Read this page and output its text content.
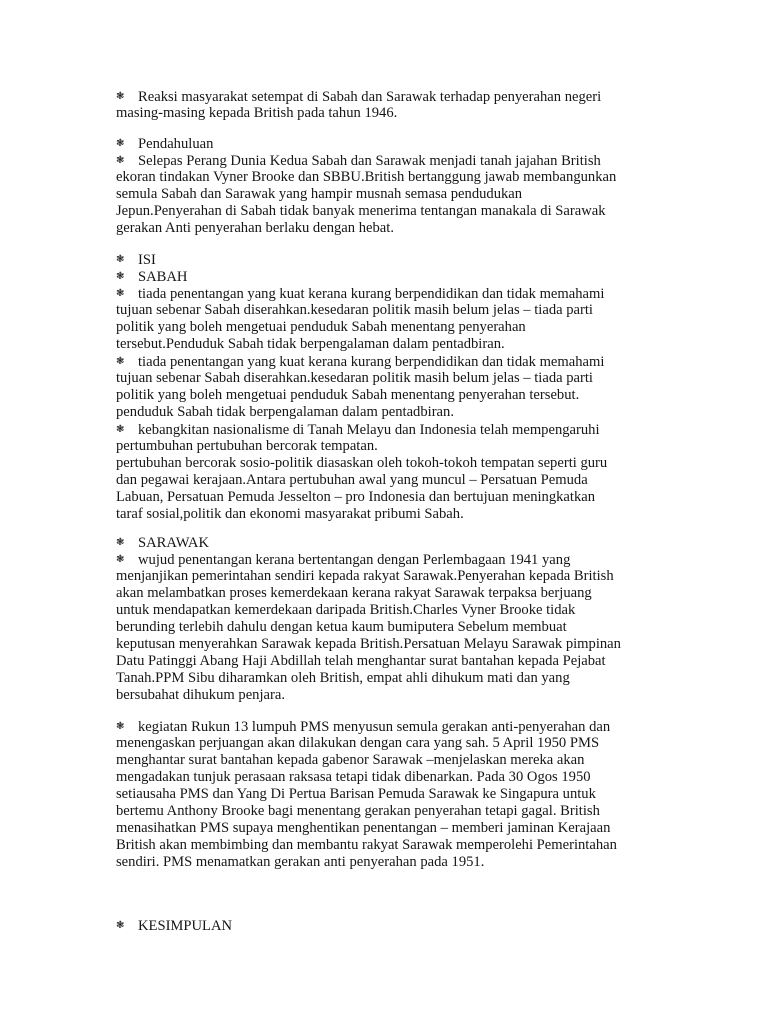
❃ Reaksi masyarakat setempat di Sabah dan Sarawak terhadap penyerahan negeri
masing-masing kepada British pada tahun 1946.
❃ Pendahuluan
❃ Selepas Perang Dunia Kedua Sabah dan Sarawak menjadi tanah jajahan British
ekoran tindakan Vyner Brooke dan SBBU.British bertanggung jawab membangunkan
semula Sabah dan Sarawak yang hampir musnah semasa pendudukan
Jepun.Penyerahan di Sabah tidak banyak menerima tentangan manakala di Sarawak
gerakan Anti penyerahan berlaku dengan hebat.
❃ ISI
❃ SABAH
❃ tiada penentangan yang kuat kerana kurang berpendidikan dan tidak memahami
tujuan sebenar Sabah diserahkan.kesedaran politik masih belum jelas – tiada parti
politik yang boleh mengetuai penduduk Sabah menentang penyerahan
tersebut.Penduduk Sabah tidak berpengalaman dalam pentadbiran.
❃ tiada penentangan yang kuat kerana kurang berpendidikan dan tidak memahami
tujuan sebenar Sabah diserahkan.kesedaran politik masih belum jelas – tiada parti
politik yang boleh mengetuai penduduk Sabah menentang penyerahan tersebut.
penduduk Sabah tidak berpengalaman dalam pentadbiran.
❃ kebangkitan nasionalisme di Tanah Melayu dan Indonesia telah mempengaruhi
pertumbuhan pertubuhan bercorak tempatan.
pertubuhan bercorak sosio-politik diasaskan oleh tokoh-tokoh tempatan seperti guru
dan pegawai kerajaan.Antara pertubuhan awal yang muncul – Persatuan Pemuda
Labuan, Persatuan Pemuda Jesselton – pro Indonesia dan bertujuan meningkatkan
taraf sosial,politik dan ekonomi masyarakat pribumi Sabah.
❃ SARAWAK
❃ wujud penentangan kerana bertentangan dengan Perlembagaan 1941 yang
menjanjikan pemerintahan sendiri kepada rakyat Sarawak.Penyerahan kepada British
akan melambatkan proses kemerdekaan kerana rakyat Sarawak terpaksa berjuang
untuk mendapatkan kemerdekaan daripada British.Charles Vyner Brooke tidak
berunding terlebih dahulu dengan ketua kaum bumiputera Sebelum membuat
keputusan menyerahkan Sarawak kepada British.Persatuan Melayu Sarawak pimpinan
Datu Patinggi Abang Haji Abdillah telah menghantar surat bantahan kepada Pejabat
Tanah.PPM Sibu diharamkan oleh British, empat ahli dihukum mati dan yang
bersubahat dihukum penjara.
❃ kegiatan Rukun 13 lumpuh PMS menyusun semula gerakan anti-penyerahan dan
menengaskan perjuangan akan dilakukan dengan cara yang sah. 5 April 1950 PMS
menghantar surat bantahan kepada gabenor Sarawak –menjelaskan mereka akan
mengadakan tunjuk perasaan raksasa tetapi tidak dibenarkan. Pada 30 Ogos 1950
setiausaha PMS dan Yang Di Pertua Barisan Pemuda Sarawak ke Singapura untuk
bertemu Anthony Brooke bagi menentang gerakan penyerahan tetapi gagal. British
menasihatkan PMS supaya menghentikan penentangan – memberi jaminan Kerajaan
British akan membimbing dan membantu rakyat Sarawak memperolehi Pemerintahan
sendiri. PMS menamatkan gerakan anti penyerahan pada 1951.
❃ KESIMPULAN
